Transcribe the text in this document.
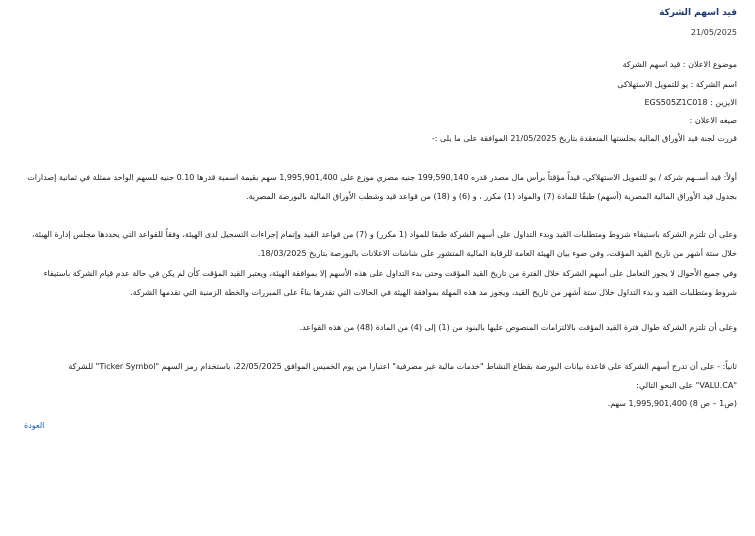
قيد اسهم الشركة
21/05/2025
موضوع الاعلان : قيد اسهم الشركة
اسم الشركة : يو للتمويل الاستهلاكى
الايزين : EGS505Z1C018
صيغه الاعلان :
قررت لجنة قيد الأوراق المالية بجلستها المنعقدة بتاريخ 21/05/2025 الموافقة على ما يلى :-
أولاً: قيد أســهم شركة / يو للتمويل الاستهلاكي، قيداً مؤقتاً برأس مال مصدر قدره 199,590,140 جنيه مصري موزع على 1,995,901,400 سهم بقيمة اسمية قدرها 0.10 جنيه للسهم الواحد ممثلة في ثمانية إصدارات بجدول قيد الأوراق المالية المصرية (أسهم) طبقًا للمادة (7) والمواد (1) مكرر ، و (6) و (18) من قواعد قيد وشطب الأوراق المالية بالبورصة المصرية.
وعلى أن تلتزم الشركة باستيفاء شروط ومتطلبات القيد وبدء التداول على أسهم الشركة طبقا للمواد (1 مكرر) و (7) من قواعد القيد وإتمام إجراءات التسجيل لدى الهيئة، وفقاً للقواعد التي يحددها مجلس إدارة الهيئة، خلال ستة أشهر من تاريخ القيد المؤقت، وفي ضوء بيان الهيئة العامة للرقابة المالية المنشور على شاشات الاعلانات بالبورصة بتاريخ 18/03/2025.
وفي جميع الأحوال لا يجوز التعامل على أسهم الشركة خلال الفترة من تاريخ القيد المؤقت وحتى بدء التداول على هذه الأسهم إلا بموافقة الهيئة، ويعتبر القيد المؤقت كأن لم يكن في حالة عدم قيام الشركة باستيفاء شروط ومتطلبات القيد و بدء التداول خلال ستة أشهر من تاريخ القيد، ويجوز مد هذه المهلة بموافقة الهيئة في الحالات التي تقدرها بناءً على المبررات والخطة الزمنية التي تقدمها الشركة.
وعلى أن تلتزم الشركة طوال فترة القيد المؤقت بالالتزامات المنصوص عليها بالبنود من (1) إلى (4) من المادة (48) من هذه القواعد.
ثانياً: - على أن تدرج أسهم الشركة على قاعدة بيانات البورصة بقطاع النشاط "خدمات مالية غير مصرفية" اعتبارا من يوم الخميس الموافق 22/05/2025، باستخدام رمز السهم "Ticker Symbol" للشركة "VALU.CA" على النحو التالي:
(ص1 – ص 8) 1,995,901,400 سهم.
العودة
